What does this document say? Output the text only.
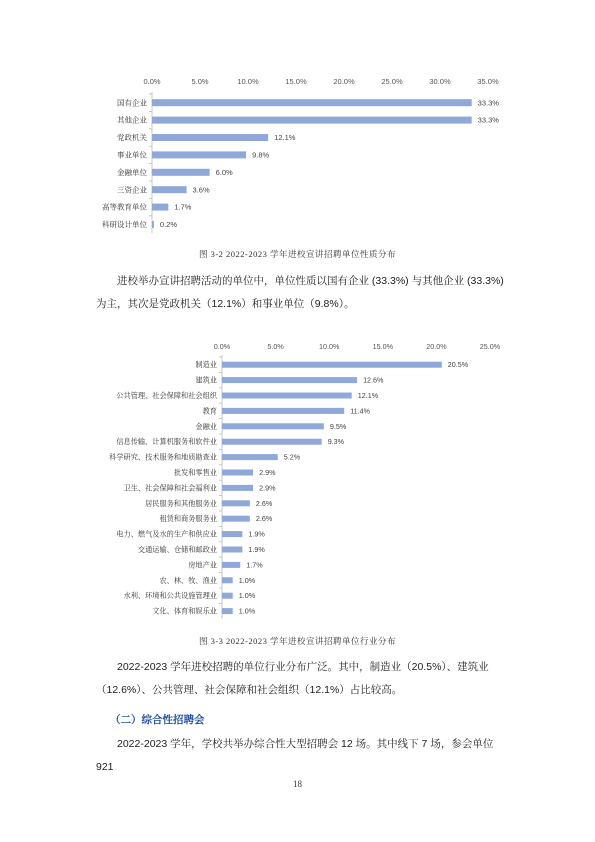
0.0%	5.0%	10.0%	15.0%	20.0%	25.0%	30.0%	35.0%
国有企业	33.3%
其他企业	33.3%
党政机关	12.1%
事业单位	9.8%
金融单位	6.0%
三资企业	3.6%
高等教育单位	1.7%
科研设计单位 0.2%
图 3-2 2022-2023 学年进校宣讲招聘单位性质分布

进校举办宣讲招聘活动的单位中，单位性质以国有企业 (33.3%) 与其他企业 (33.3%)

为主，其次是党政机关（12.1%）和事业单位（9.8%）。

0.0%	5.0%	10.0%	15.0%	20.0%	25.0%
制造业	20.5%
建筑业	12.6%
公共管理、社会保障和社会组织	12.1%
教育	11.4%
金融业	9.5%
信息传输、计算机服务和软件业	9.3%
科学研究、技术服务和地质勘查业	5.2%
批发和零售业	2.9%
卫生、社会保障和社会福利业	2.9%
居民服务和其他服务业	2.6%
租赁和商务服务业	2.6%
电力、燃气及水的生产和供应业	1.9%
交通运输、仓储和邮政业	1.9%
房地产业	1.7%
农、林、牧、渔业	1.0%
水利、环境和公共设施管理业	1.0%
文化、体育和娱乐业	1.0%
图 3-3 2022-2023 学年进校宣讲招聘单位行业分布

2022-2023 学年进校招聘的单位行业分布广泛。其中，制造业（20.5%）、建筑业

（12.6%）、公共管理、社会保障和社会组织（12.1%）占比较高。

（二）综合性招聘会

2022-2023 学年，学校共举办综合性大型招聘会 12 场。其中线下 7 场，参会单位 921

18
